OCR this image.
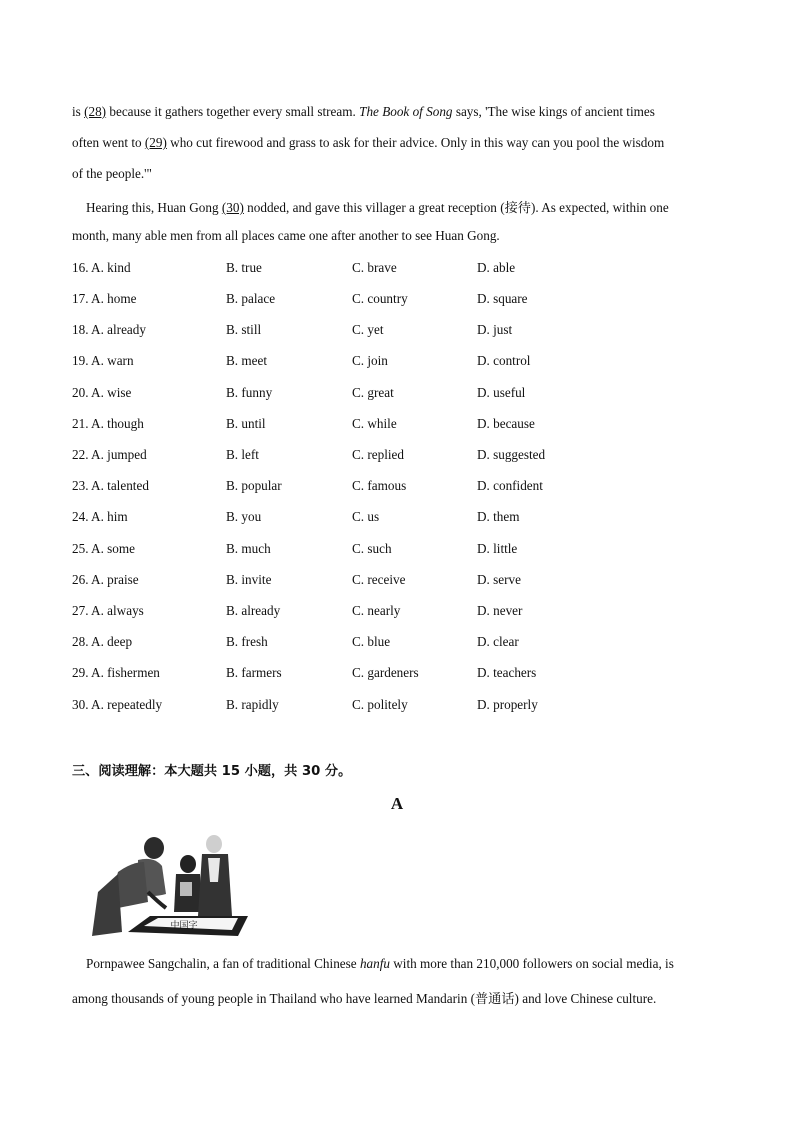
is (28) because it gathers together every small stream. The Book of Song says, 'The wise kings of ancient times
often went to (29) who cut firewood and grass to ask for their advice. Only in this way can you pool the wisdom
of the people.'"
Hearing this, Huan Gong (30) nodded, and gave this villager a great reception (接待). As expected, within one
month, many able men from all places came one after another to see Huan Gong.
16. A. kind	B. true	C. brave	D. able
17. A. home	B. palace	C. country	D. square
18. A. already	B. still	C. yet	D. just
19. A. warn	B. meet	C. join	D. control
20. A. wise	B. funny	C. great	D. useful
21. A. though	B. until	C. while	D. because
22. A. jumped	B. left	C. replied	D. suggested
23. A. talented	B. popular	C. famous	D. confident
24. A. him	B. you	C. us	D. them
25. A. some	B. much	C. such	D. little
26. A. praise	B. invite	C. receive	D. serve
27. A. always	B. already	C. nearly	D. never
28. A. deep	B. fresh	C. blue	D. clear
29. A. fishermen	B. farmers	C. gardeners	D. teachers
30. A. repeatedly	B. rapidly	C. politely	D. properly
三、阅读理解：本大题共 15 小题，共 30 分。
A
中国字
Pornpawee Sangchalin, a fan of traditional Chinese hanfu with more than 210,000 followers on social media, is
among thousands of young people in Thailand who have learned Mandarin (普通话) and love Chinese culture.
